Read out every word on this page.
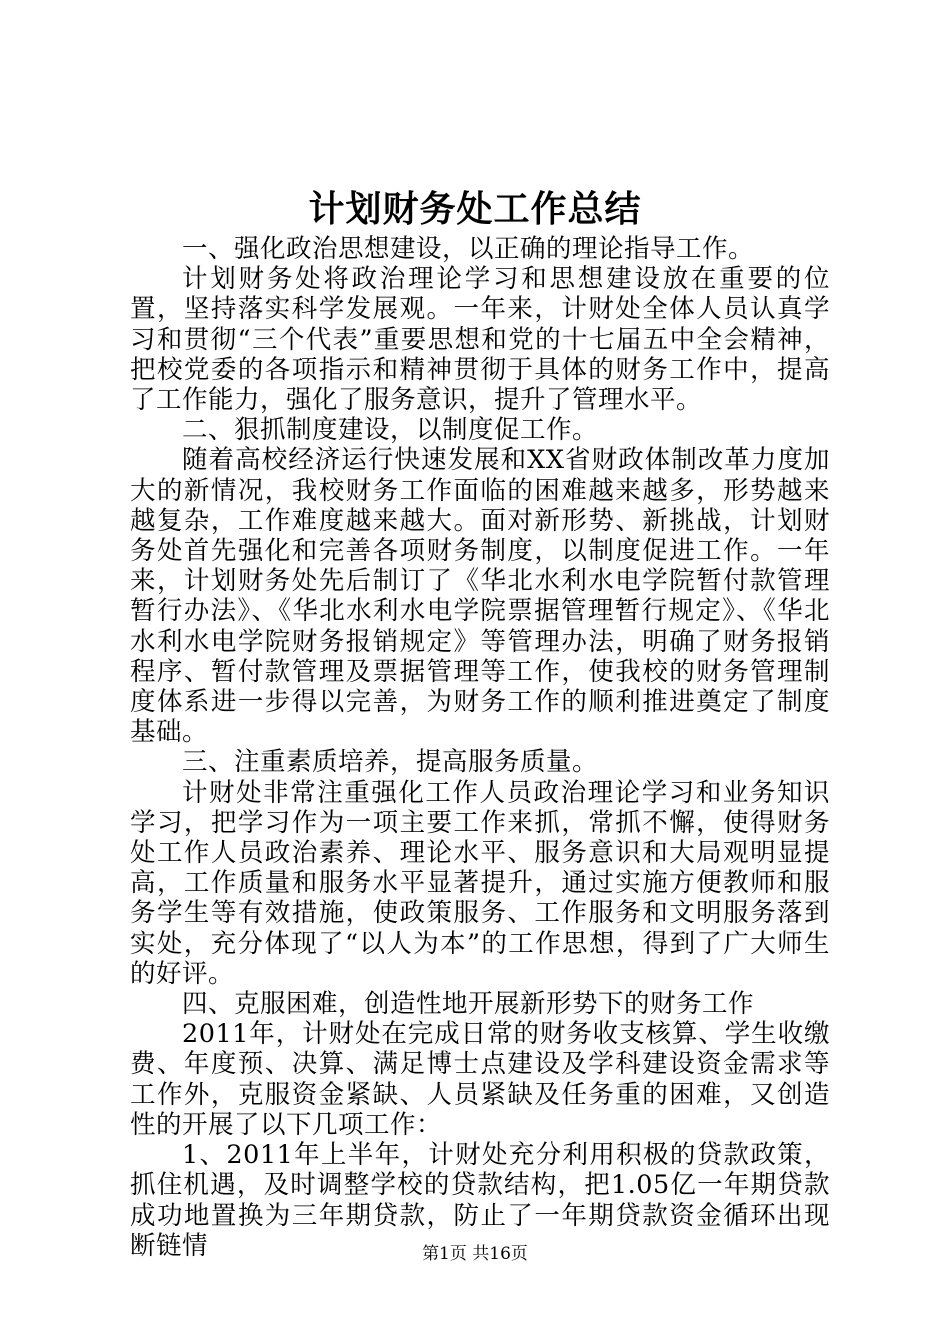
计划财务处工作总结

一、强化政治思想建设，以正确的理论指导工作。

计划财务处将政治理论学习和思想建设放在重要的位置，坚持落实科学发展观。一年来，计财处全体人员认真学习和贯彻“三个代表”重要思想和党的十七届五中全会精神，把校党委的各项指示和精神贯彻于具体的财务工作中，提高了工作能力，强化了服务意识，提升了管理水平。

二、狠抓制度建设，以制度促工作。

随着高校经济运行快速发展和XX省财政体制改革力度加大的新情况，我校财务工作面临的困难越来越多，形势越来越复杂，工作难度越来越大。面对新形势、新挑战，计划财务处首先强化和完善各项财务制度，以制度促进工作。一年来，计划财务处先后制订了《华北水利水电学院暂付款管理暂行办法》、《华北水利水电学院票据管理暂行规定》、《华北水利水电学院财务报销规定》等管理办法，明确了财务报销程序、暂付款管理及票据管理等工作，使我校的财务管理制度体系进一步得以完善，为财务工作的顺利推进奠定了制度基础。

三、注重素质培养，提高服务质量。

计财处非常注重强化工作人员政治理论学习和业务知识学习，把学习作为一项主要工作来抓，常抓不懈，使得财务处工作人员政治素养、理论水平、服务意识和大局观明显提高，工作质量和服务水平显著提升，通过实施方便教师和服务学生等有效措施，使政策服务、工作服务和文明服务落到实处，充分体现了“以人为本”的工作思想，得到了广大师生的好评。

四、克服困难，创造性地开展新形势下的财务工作

2011年，计财处在完成日常的财务收支核算、学生收缴费、年度预、决算、满足博士点建设及学科建设资金需求等工作外，克服资金紧缺、人员紧缺及任务重的困难，又创造性的开展了以下几项工作：

1、2011年上半年，计财处充分利用积极的贷款政策，抓住机遇，及时调整学校的贷款结构，把1.05亿一年期贷款成功地置换为三年期贷款，防止了一年期贷款资金循环出现断链情	第1页 共16页
